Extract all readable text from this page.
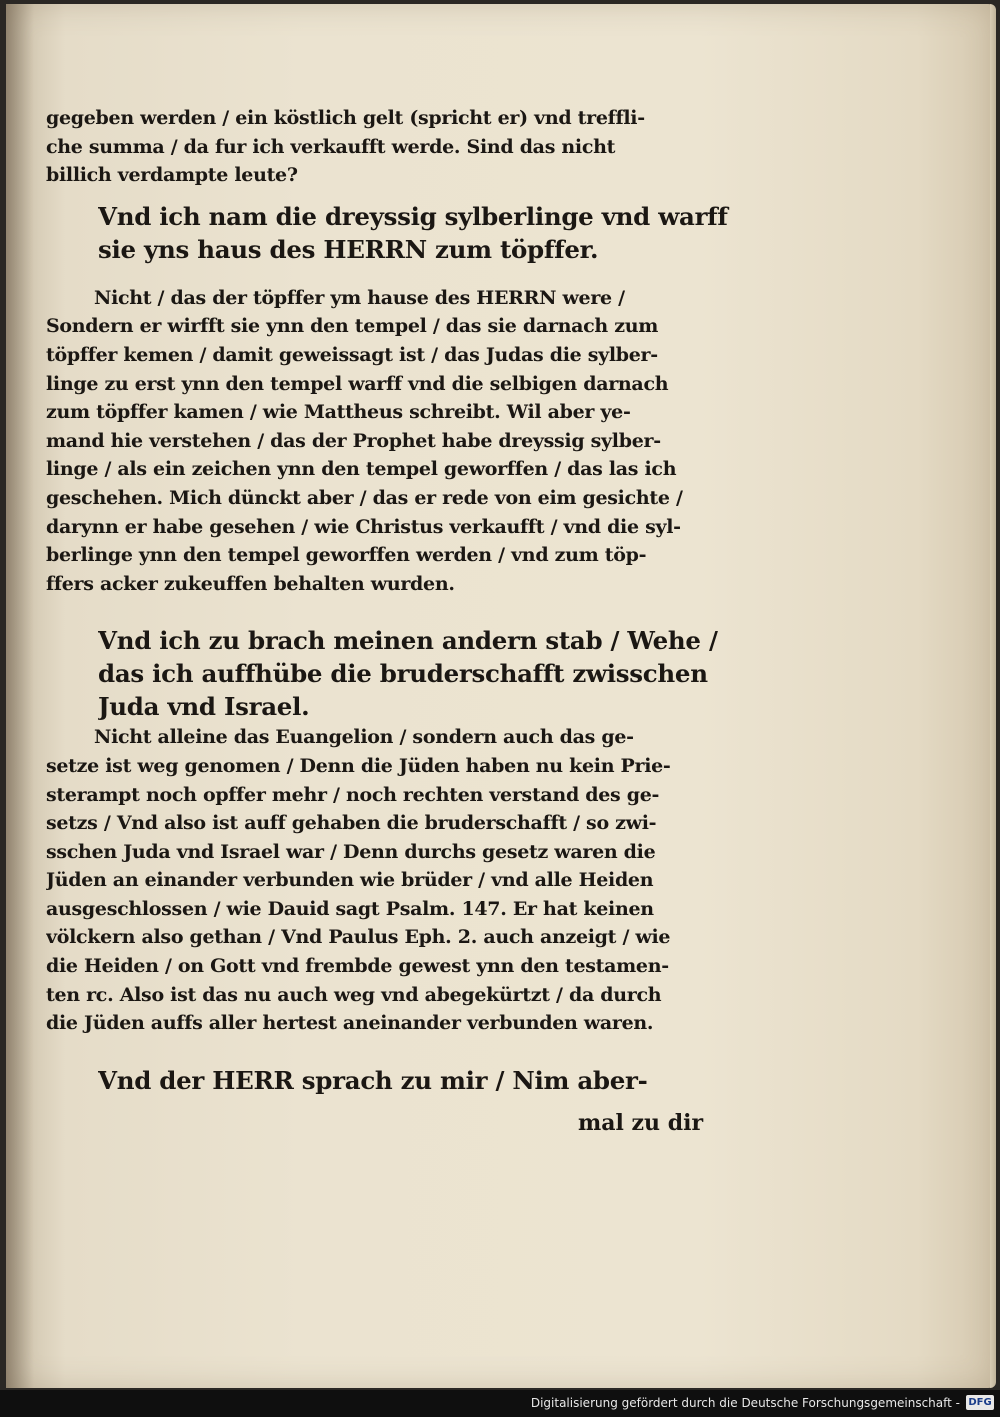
gegeben werden / ein köstlich gelt (spricht er) vnd treffli-
che summa / da fur ich verkaufft werde. Sind das nicht
billich verdampte leute?
Vnd ich nam die dreyssig sylberlinge vnd warff
sie yns haus des HERRN zum töpffer.
Nicht / das der töpffer ym hause des HERRN were /
Sondern er wirfft sie ynn den tempel / das sie darnach zum
töpffer kemen / damit geweissagt ist / das Judas die sylber-
linge zu erst ynn den tempel warff vnd die selbigen darnach
zum töpffer kamen / wie Mattheus schreibt. Wil aber ye-
mand hie verstehen / das der Prophet habe dreyssig sylber-
linge / als ein zeichen ynn den tempel geworffen / das las ich
geschehen. Mich dünckt aber / das er rede von eim gesichte /
darynn er habe gesehen / wie Christus verkaufft / vnd die syl-
berlinge ynn den tempel geworffen werden / vnd zum töp-
ffers acker zukeuffen behalten wurden.
Vnd ich zu brach meinen andern stab / Wehe /
das ich auffhübe die bruderschafft zwisschen
Juda vnd Israel.
Nicht alleine das Euangelion / sondern auch das ge-
setze ist weg genomen / Denn die Jüden haben nu kein Prie-
sterampt noch opffer mehr / noch rechten verstand des ge-
setzs / Vnd also ist auff gehaben die bruderschafft / so zwi-
sschen Juda vnd Israel war / Denn durchs gesetz waren die
Jüden an einander verbunden wie brüder / vnd alle Heiden
ausgeschlossen / wie Dauid sagt Psalm. 147. Er hat keinen
völckern also gethan / Vnd Paulus Eph. 2. auch anzeigt / wie
die Heiden / on Gott vnd frembde gewest ynn den testamen-
ten rc. Also ist das nu auch weg vnd abegekürtzt / da durch
die Jüden auffs aller hertest aneinander verbunden waren.
Vnd der HERR sprach zu mir / Nim aber-
mal zu dir
Digitalisierung gefördert durch die Deutsche Forschungsgemeinschaft - DFG
